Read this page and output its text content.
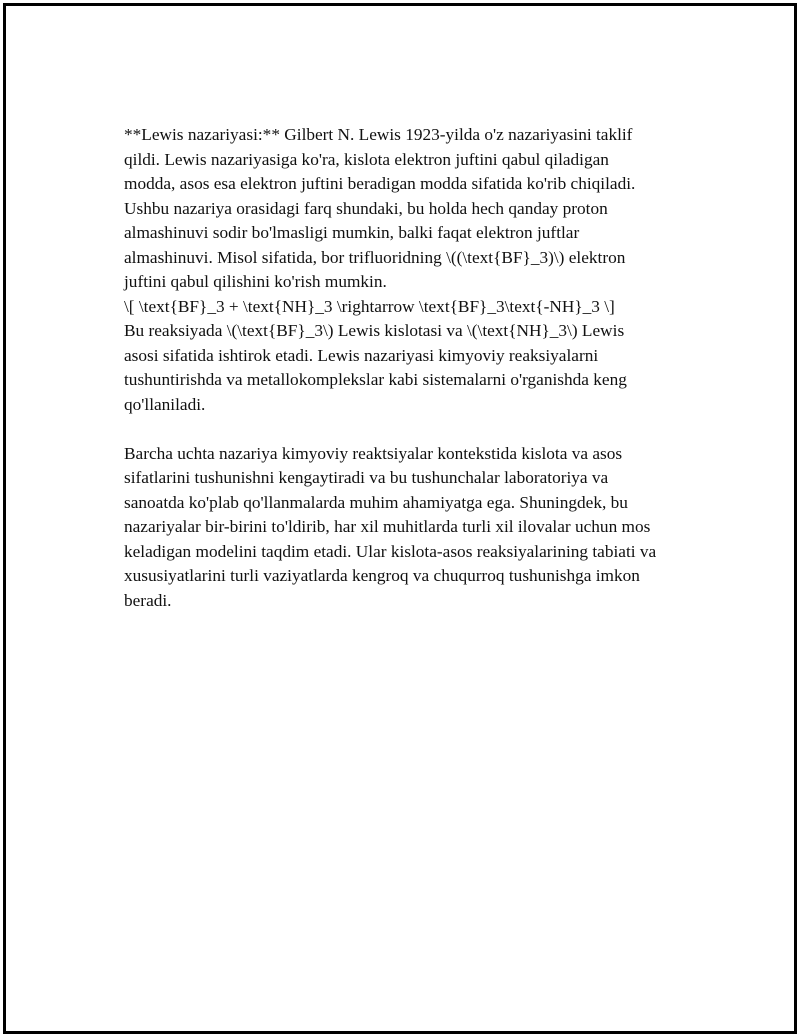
**Lewis nazariyasi:** Gilbert N. Lewis 1923-yilda o'z nazariyasini taklif
qildi. Lewis nazariyasiga ko'ra, kislota elektron juftini qabul qiladigan
modda, asos esa elektron juftini beradigan modda sifatida ko'rib chiqiladi.
Ushbu nazariya orasidagi farq shundaki, bu holda hech qanday proton
almashinuvi sodir bo'lmasligi mumkin, balki faqat elektron juftlar
almashinuvi. Misol sifatida, bor trifluoridning \((\text{BF}_3)\) elektron
juftini qabul qilishini ko'rish mumkin.
\[ \text{BF}_3 + \text{NH}_3 \rightarrow \text{BF}_3\text{-NH}_3 \]
Bu reaksiyada \(\text{BF}_3\) Lewis kislotasi va \(\text{NH}_3\) Lewis
asosi sifatida ishtirok etadi. Lewis nazariyasi kimyoviy reaksiyalarni
tushuntirishda va metallokomplekslar kabi sistemalarni o'rganishda keng
qo'llaniladi.
Barcha uchta nazariya kimyoviy reaktsiyalar kontekstida kislota va asos
sifatlarini tushunishni kengaytiradi va bu tushunchalar laboratoriya va
sanoatda ko'plab qo'llanmalarda muhim ahamiyatga ega. Shuningdek, bu
nazariyalar bir-birini to'ldirib, har xil muhitlarda turli xil ilovalar uchun mos
keladigan modelini taqdim etadi. Ular kislota-asos reaksiyalarining tabiati va
xususiyatlarini turli vaziyatlarda kengroq va chuqurroq tushunishga imkon
beradi.
